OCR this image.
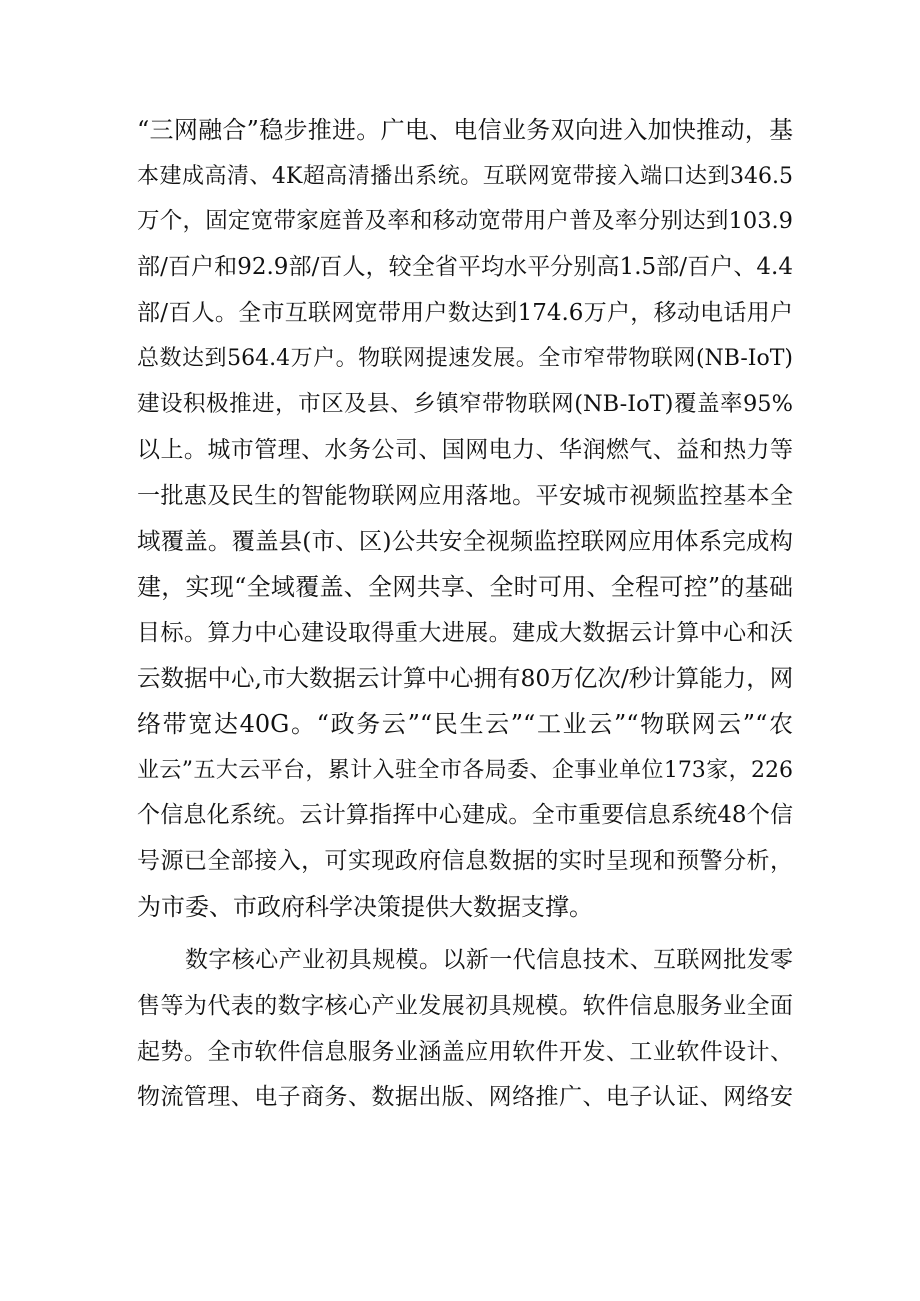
“三网融合”稳步推进。广电、电信业务双向进入加快推动，基
本建成高清、4K超高清播出系统。互联网宽带接入端口达到346.5
万个，固定宽带家庭普及率和移动宽带用户普及率分别达到103.9
部/百户和92.9部/百人，较全省平均水平分别高1.5部/百户、4.4
部/百人。全市互联网宽带用户数达到174.6万户，移动电话用户
总数达到564.4万户。物联网提速发展。全市窄带物联网(NB-IoT)
建设积极推进，市区及县、乡镇窄带物联网(NB-IoT)覆盖率95%
以上。城市管理、水务公司、国网电力、华润燃气、益和热力等
一批惠及民生的智能物联网应用落地。平安城市视频监控基本全
域覆盖。覆盖县(市、区)公共安全视频监控联网应用体系完成构
建，实现“全域覆盖、全网共享、全时可用、全程可控”的基础
目标。算力中心建设取得重大进展。建成大数据云计算中心和沃
云数据中心,市大数据云计算中心拥有80万亿次/秒计算能力，网
络带宽达40G。“政务云”“民生云”“工业云”“物联网云”“农
业云”五大云平台，累计入驻全市各局委、企事业单位173家，226
个信息化系统。云计算指挥中心建成。全市重要信息系统48个信
号源已全部接入，可实现政府信息数据的实时呈现和预警分析，
为市委、市政府科学决策提供大数据支撑。
数字核心产业初具规模。以新一代信息技术、互联网批发零
售等为代表的数字核心产业发展初具规模。软件信息服务业全面
起势。全市软件信息服务业涵盖应用软件开发、工业软件设计、
物流管理、电子商务、数据出版、网络推广、电子认证、网络安
